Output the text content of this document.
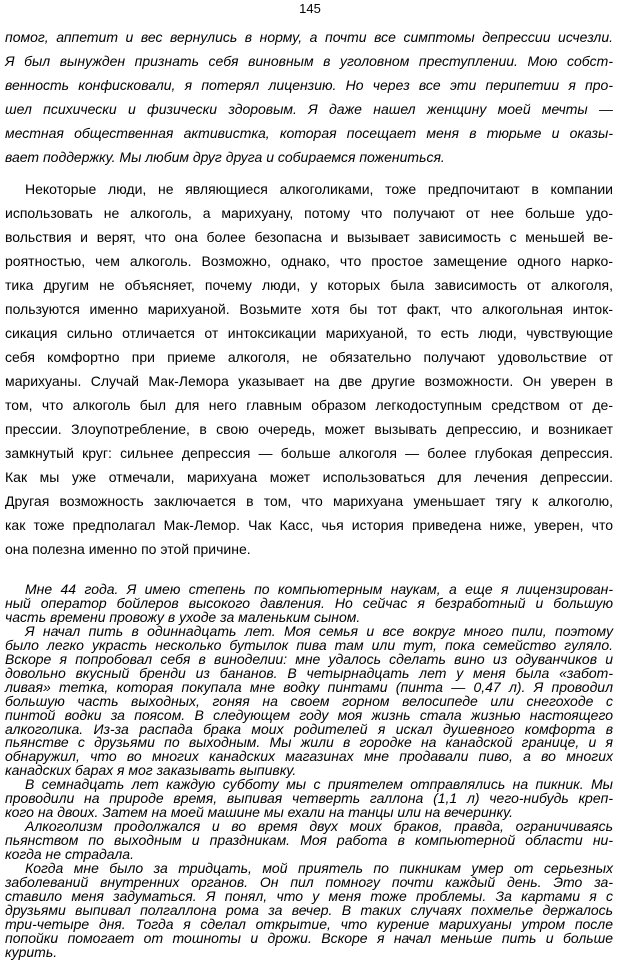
145
помог, аппетит и вес вернулись в норму, а почти все симптомы депрессии исчезли.
Я был вынужден признать себя виновным в уголовном преступлении. Мою собст-
венность конфисковали, я потерял лицензию. Но через все эти перипетии я про-
шел психически и физически здоровым. Я даже нашел женщину моей мечты —
местная общественная активистка, которая посещает меня в тюрьме и оказы-
вает поддержку. Мы любим друг друга и собираемся пожениться.
Некоторые люди, не являющиеся алкоголиками, тоже предпочитают в компании
использовать не алкоголь, а марихуану, потому что получают от нее больше удо-
вольствия и верят, что она более безопасна и вызывает зависимость с меньшей ве-
роятностью, чем алкоголь. Возможно, однако, что простое замещение одного нарко-
тика другим не объясняет, почему люди, у которых была зависимость от алкоголя,
пользуются именно марихуаной. Возьмите хотя бы тот факт, что алкогольная инток-
сикация сильно отличается от интоксикации марихуаной, то есть люди, чувствующие
себя комфортно при приеме алкоголя, не обязательно получают удовольствие от
марихуаны. Случай Мак-Лемора указывает на две другие возможности. Он уверен в
том, что алкоголь был для него главным образом легкодоступным средством от де-
прессии. Злоупотребление, в свою очередь, может вызывать депрессию, и возникает
замкнутый круг: сильнее депрессия — больше алкоголя — более глубокая депрессия.
Как мы уже отмечали, марихуана может использоваться для лечения депрессии.
Другая возможность заключается в том, что марихуана уменьшает тягу к алкоголю,
как тоже предполагал Мак-Лемор. Чак Касс, чья история приведена ниже, уверен, что
она полезна именно по этой причине.
Мне 44 года. Я имею степень по компьютерным наукам, а еще я лицензирован-
ный оператор бойлеров высокого давления. Но сейчас я безработный и большую
часть времени провожу в уходе за маленьким сыном.
Я начал пить в одиннадцать лет. Моя семья и все вокруг много пили, поэтому
было легко украсть несколько бутылок пива там или тут, пока семейство гуляло.
Вскоре я попробовал себя в виноделии: мне удалось сделать вино из одуванчиков и
довольно вкусный бренди из бананов. В четырнадцать лет у меня была «забот-
ливая» тетка, которая покупала мне водку пинтами (пинта — 0,47 л). Я проводил
большую часть выходных, гоняя на своем горном велосипеде или снегоходе с
пинтой водки за поясом. В следующем году моя жизнь стала жизнью настоящего
алкоголика. Из-за распада брака моих родителей я искал душевного комфорта в
пьянстве с друзьями по выходным. Мы жили в городке на канадской границе, и я
обнаружил, что во многих канадских магазинах мне продавали пиво, а во многих
канадских барах я мог заказывать выпивку.
В семнадцать лет каждую субботу мы с приятелем отправлялись на пикник. Мы
проводили на природе время, выпивая четверть галлона (1,1 л) чего-нибудь креп-
кого на двоих. Затем на моей машине мы ехали на танцы или на вечеринку.
Алкоголизм продолжался и во время двух моих браков, правда, ограничиваясь
пьянством по выходным и праздникам. Моя работа в компьютерной области ни-
когда не страдала.
Когда мне было за тридцать, мой приятель по пикникам умер от серьезных
заболеваний внутренних органов. Он пил помногу почти каждый день. Это за-
ставило меня задуматься. Я понял, что у меня тоже проблемы. За картами я с
друзьями выпивал полгаллона рома за вечер. В таких случаях похмелье держалось
три-четыре дня. Тогда я сделал открытие, что курение марихуаны утром после
попойки помогает от тошноты и дрожи. Вскоре я начал меньше пить и больше
курить.
